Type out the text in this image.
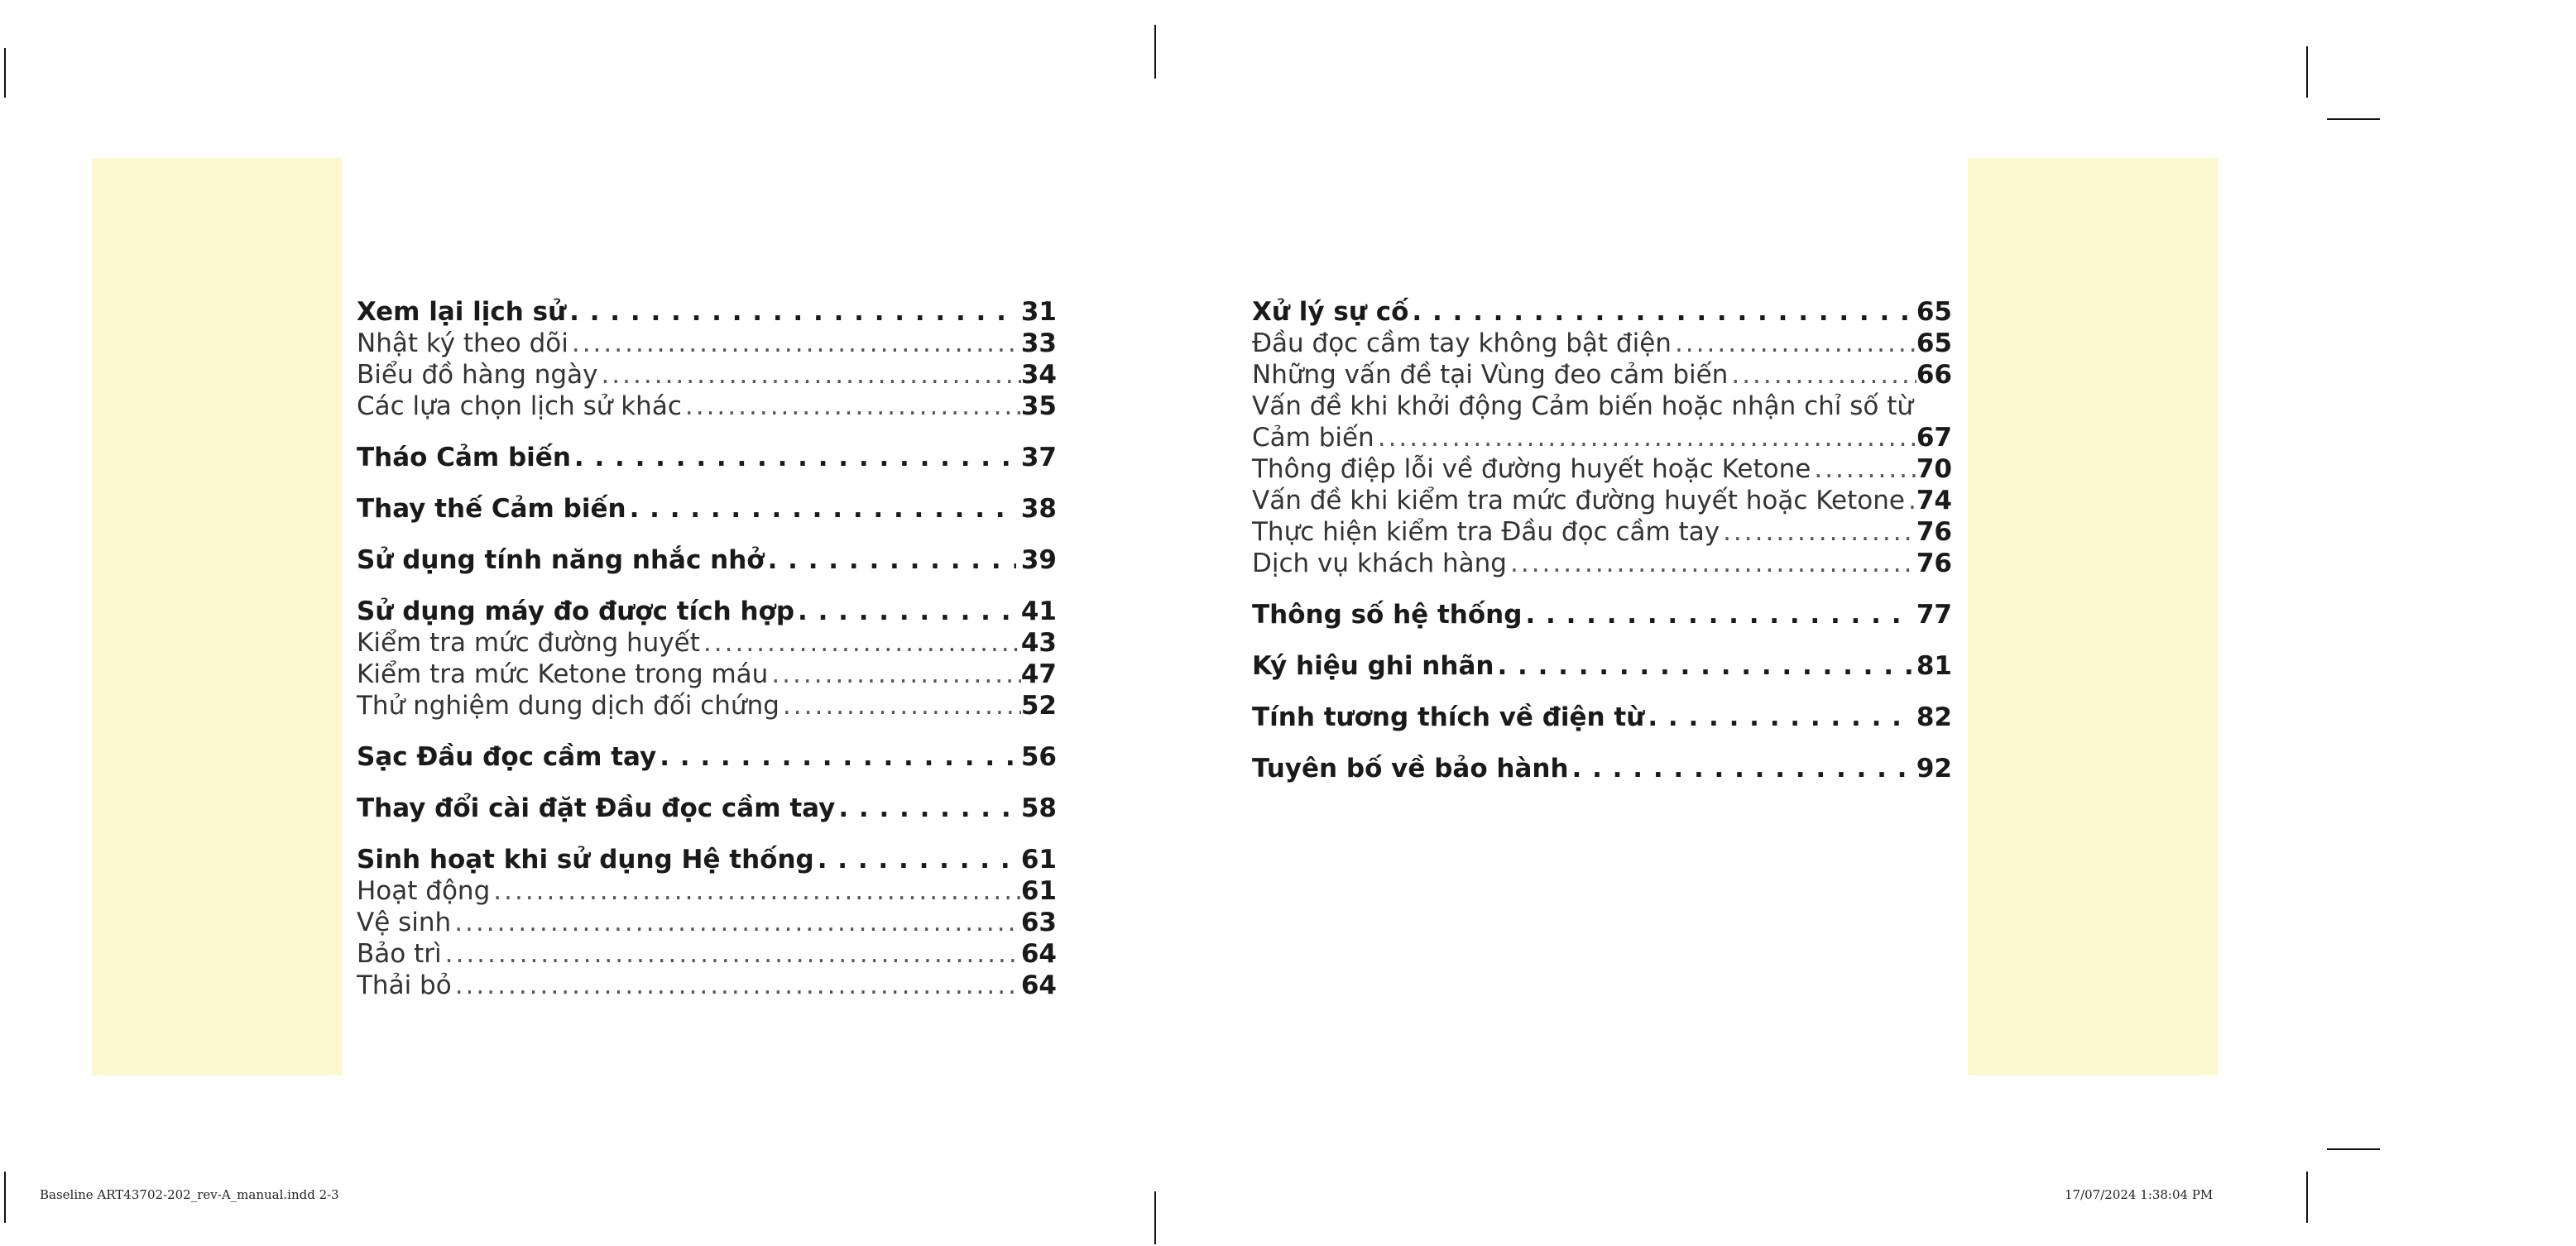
Xem lại lịch sử . . .	31
Nhật ký theo dõi .....	33
Biểu đồ hàng ngày .....	34
Các lựa chọn lịch sử khác .....	35
Tháo Cảm biến . . .	37
Thay thế Cảm biến . . .	38
Sử dụng tính năng nhắc nhở . . .	39
Sử dụng máy đo được tích hợp . . .	41
Kiểm tra mức đường huyết .....	43
Kiểm tra mức Ketone trong máu .....	47
Thử nghiệm dung dịch đối chứng .....	52
Sạc Đầu đọc cầm tay . . .	56
Thay đổi cài đặt Đầu đọc cầm tay . . .	58
Sinh hoạt khi sử dụng Hệ thống . . .	61
Hoạt động .....	61
Vệ sinh .....	63
Bảo trì .....	64
Thải bỏ .....	64
Xử lý sự cố . . .	65
Đầu đọc cầm tay không bật điện .....	65
Những vấn đề tại Vùng đeo cảm biến .....	66
Vấn đề khi khởi động Cảm biến hoặc nhận chỉ số từ
Cảm biến .....	67
Thông điệp lỗi về đường huyết hoặc Ketone .....	70
Vấn đề khi kiểm tra mức đường huyết hoặc Ketone ..... 74
Thực hiện kiểm tra Đầu đọc cầm tay .....	76
Dịch vụ khách hàng .....	76
Thông số hệ thống . . .	77
Ký hiệu ghi nhãn . . .	81
Tính tương thích về điện từ . . .	82
Tuyên bố về bảo hành . . .	92
Baseline ART43702-202_rev-A_manual.indd 2-3	17/07/2024 1:38:04 PM
